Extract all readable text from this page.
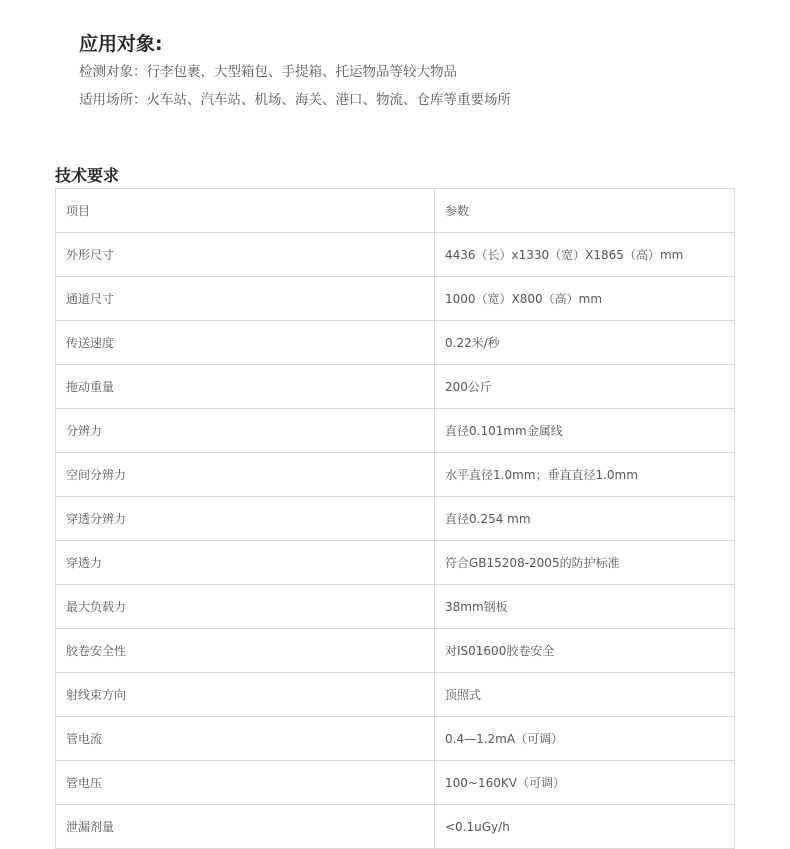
应用对象:

检测对象：行李包裹，大型箱包、手提箱、托运物品等较大物品

适用场所：火车站、汽车站、机场、海关、港口、物流、仓库等重要场所

技术要求
项目	参数
外形尺寸	4436（长）x1330（宽）X1865（高）mm
通道尺寸	1000（宽）X800（高）mm
传送速度	0.22米/秒
拖动重量	200公斤
分辨力	直径0.101mm金属线
空间分辨力	水平直径1.0mm；垂直直径1.0mm
穿透分辨力	直径0.254 mm
穿透力	符合GB15208-2005的防护标准
最大负载力	38mm钢板
胶卷安全性	对IS01600胶卷安全
射线束方向	顶照式
管电流	0.4—1.2mA（可调）
管电压	100~160KV（可调）
泄漏剂量	<0.1uGy/h
